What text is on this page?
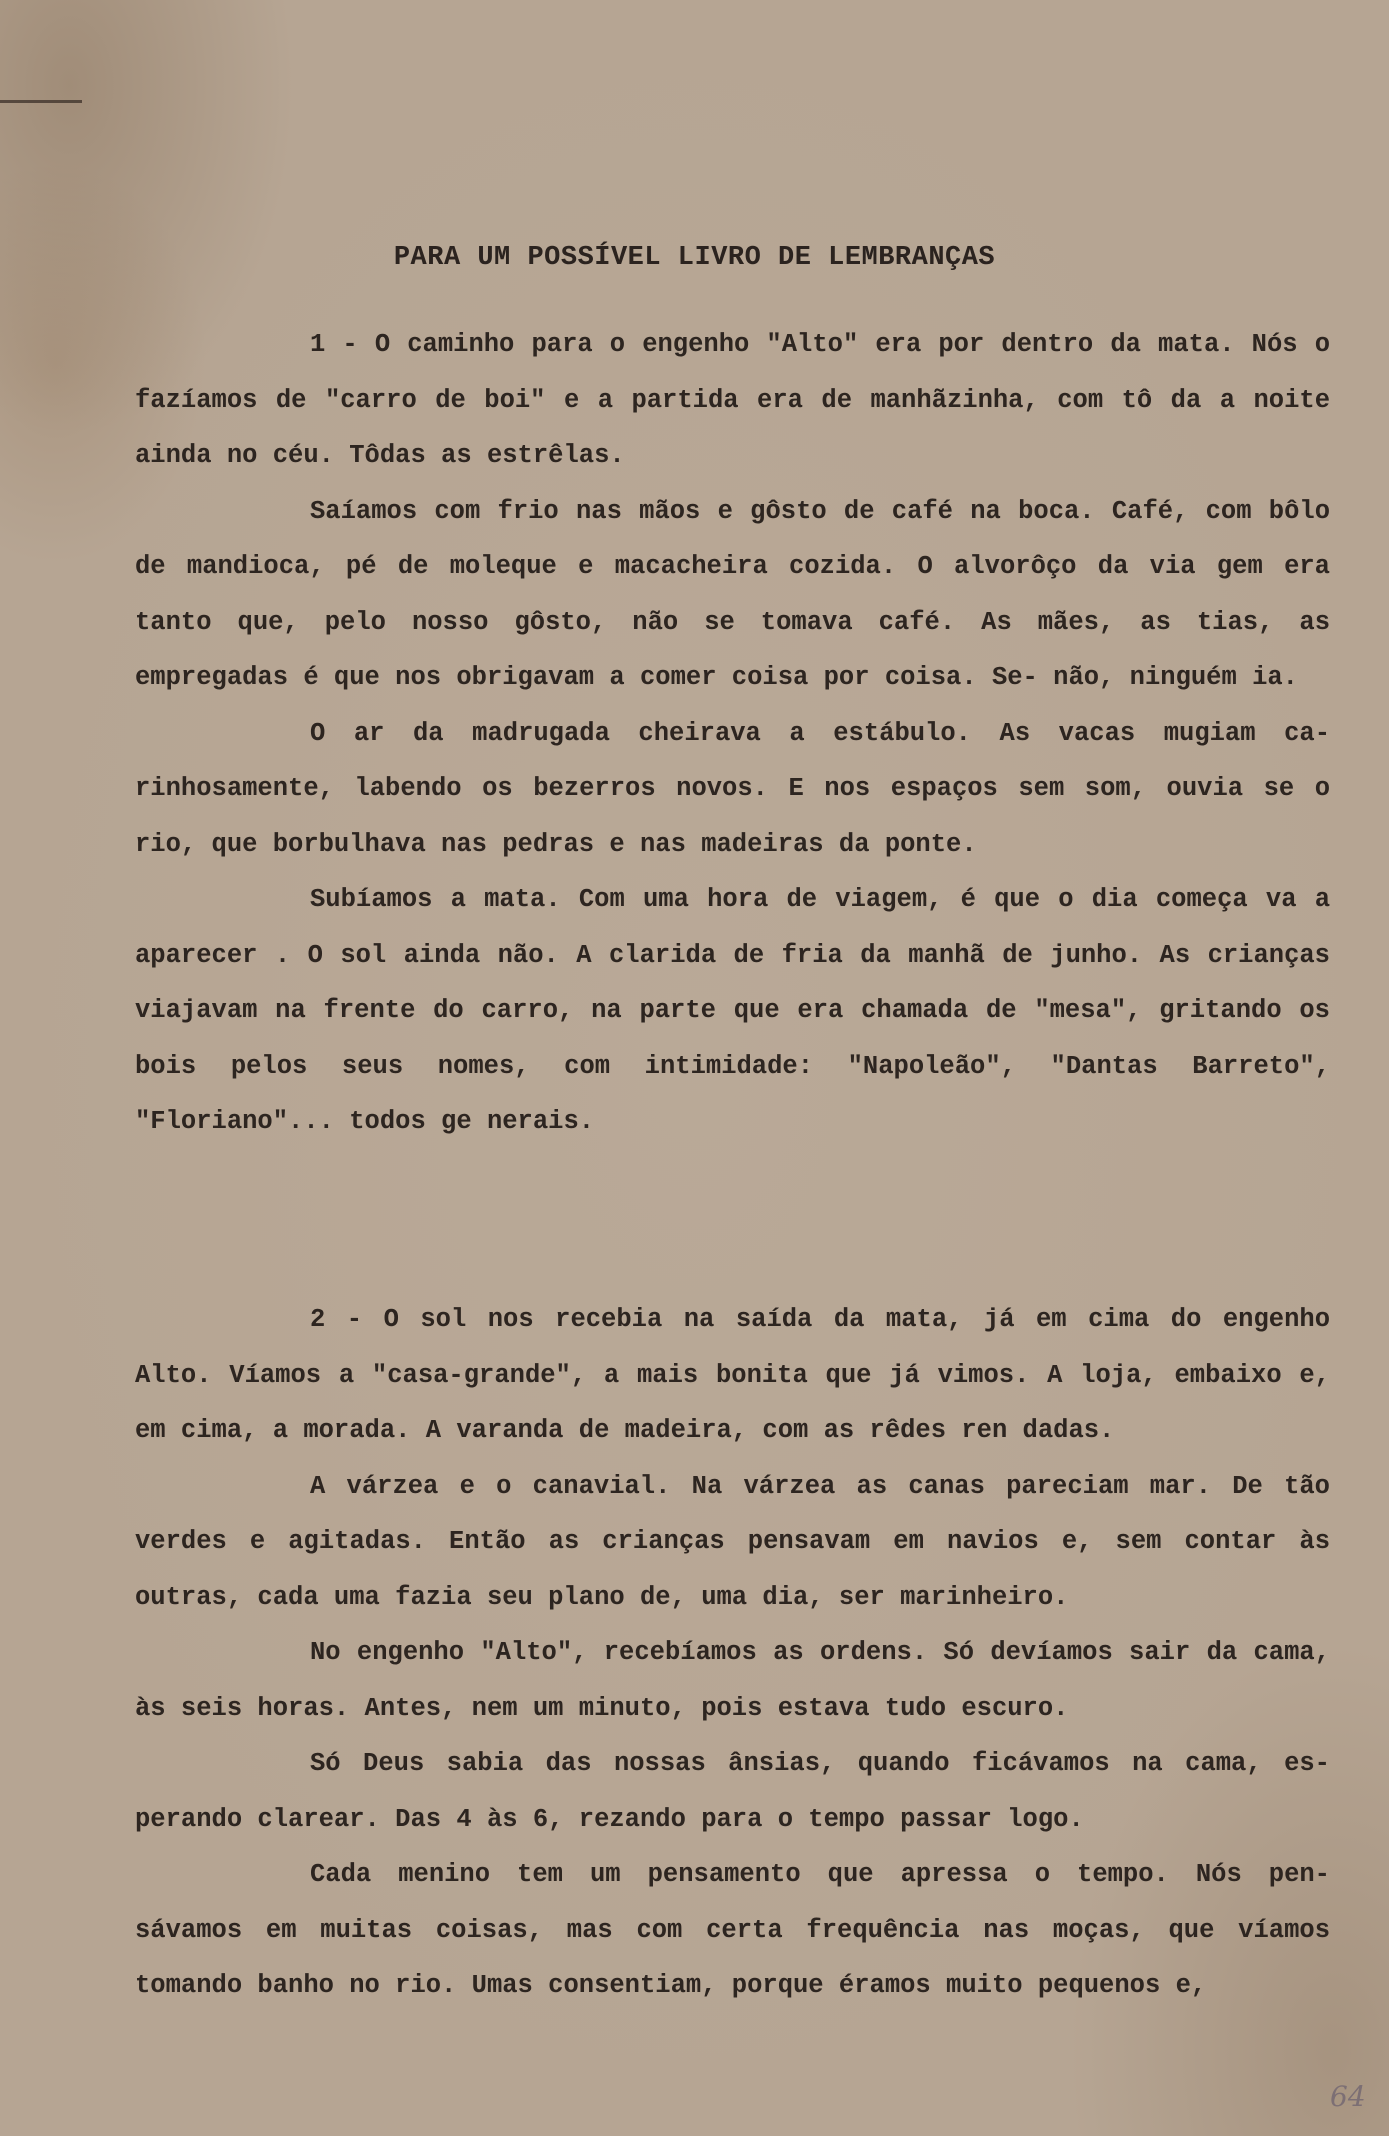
PARA UM POSSÍVEL LIVRO DE LEMBRANÇAS

1 - O caminho para o engenho "Alto" era por dentro da mata. Nós o fazíamos de "carro de boi" e a partida era de manhãzinha, com tô da a noite ainda no céu. Tôdas as estrêlas.

Saíamos com frio nas mãos e gôsto de café na boca. Café, com bôlo de mandioca, pé de moleque e macacheira cozida. O alvorôço da via gem era tanto que, pelo nosso gôsto, não se tomava café. As mães, as tias, as empregadas é que nos obrigavam a comer coisa por coisa. Se- não, ninguém ia.

O ar da madrugada cheirava a estábulo. As vacas mugiam ca- rinhosamente, labendo os bezerros novos. E nos espaços sem som, ouvia se o rio, que borbulhava nas pedras e nas madeiras da ponte.

Subíamos a mata. Com uma hora de viagem, é que o dia começa va a aparecer . O sol ainda não. A clarida de fria da manhã de junho. As crianças viajavam na frente do carro, na parte que era chamada de "mesa", gritando os bois pelos seus nomes, com intimidade: "Napoleão", "Dantas Barreto", "Floriano"... todos ge nerais.

2 - O sol nos recebia na saída da mata, já em cima do engenho Alto. Víamos a "casa-grande", a mais bonita que já vimos. A loja, embaixo e, em cima, a morada. A varanda de madeira, com as rêdes ren dadas.

A várzea e o canavial. Na várzea as canas pareciam mar. De tão verdes e agitadas. Então as crianças pensavam em navios e, sem contar às outras, cada uma fazia seu plano de, uma dia, ser marinheiro.

No engenho "Alto", recebíamos as ordens. Só devíamos sair da cama, às seis horas. Antes, nem um minuto, pois estava tudo escuro.

Só Deus sabia das nossas ânsias, quando ficávamos na cama, es- perando clarear. Das 4 às 6, rezando para o tempo passar logo.

Cada menino tem um pensamento que apressa o tempo. Nós pen- sávamos em muitas coisas, mas com certa frequência nas moças, que víamos tomando banho no rio. Umas consentiam, porque éramos muito pequenos e,

64
